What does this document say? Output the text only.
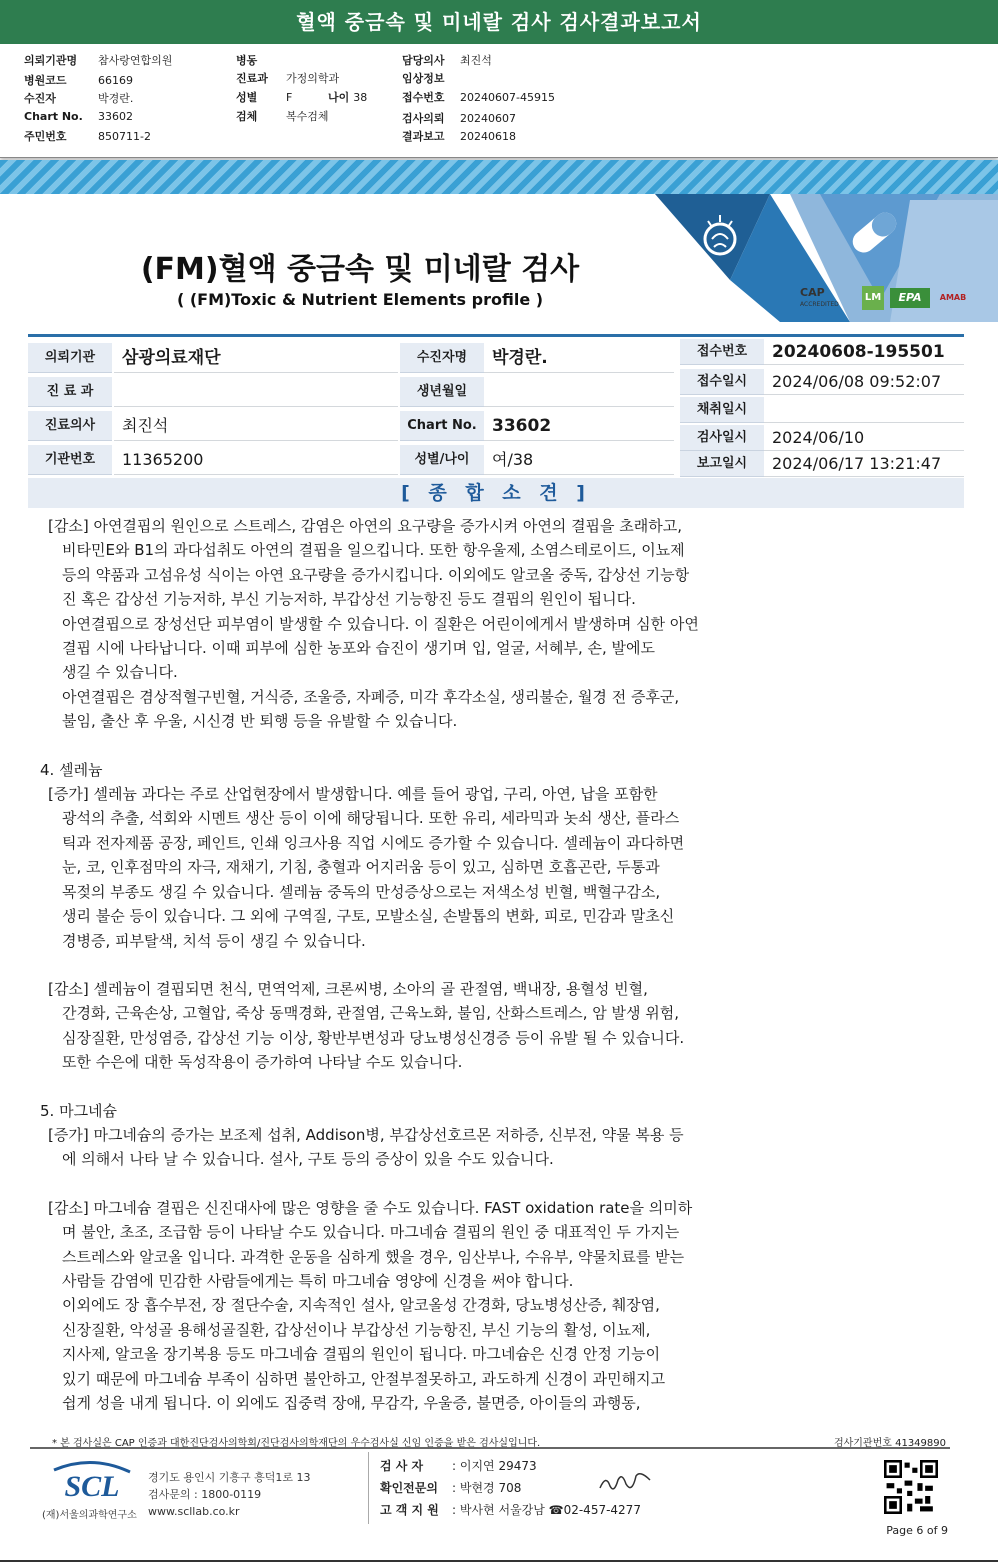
혈액 중금속 및 미네랄 검사 검사결과보고서
의뢰기관명 참사랑연합의원
병원코드	66169
수진자	박경란.
Chart No. 33602
주민번호	850711-2
병동
진료과 가정의학과
성별	F	나이 38
검체	복수검체
담당의사 최진석
임상정보
접수번호 20240607-45915
검사의뢰 20240607
결과보고 20240618
(FM)혈액 중금속 및 미네랄 검사
( (FM)Toxic & Nutrient Elements profile )	CAP
ACCREDITED
LM	EPA	AMAB
의뢰기관	삼광의료재단
진 료 과
진료의사	최진석
기관번호	11365200
수진자명	박경란.
생년월일
Chart No. 33602
성별/나이	여/38
접수번호	20240608-195501
접수일시	2024/06/08 09:52:07
채취일시
검사일시	2024/06/10
보고일시	2024/06/17 13:21:47
[ 종 합 소 견 ]

[감소] 아연결핍의 원인으로 스트레스, 감염은 아연의 요구량을 증가시켜 아연의 결핍을 초래하고,

비타민E와 B1의 과다섭취도 아연의 결핍을 일으킵니다. 또한 항우울제, 소염스테로이드, 이뇨제

등의 약품과 고섬유성 식이는 아연 요구량을 증가시킵니다. 이외에도 알코올 중독, 갑상선 기능항

진 혹은 갑상선 기능저하, 부신 기능저하, 부갑상선 기능항진 등도 결핍의 원인이 됩니다.

아연결핍으로 장성선단 피부염이 발생할 수 있습니다. 이 질환은 어린이에게서 발생하며 심한 아연

결핍 시에 나타납니다. 이때 피부에 심한 농포와 습진이 생기며 입, 얼굴, 서혜부, 손, 발에도

생길 수 있습니다.

아연결핍은 겸상적혈구빈혈, 거식증, 조울증, 자폐증, 미각 후각소실, 생리불순, 월경 전 증후군,

불임, 출산 후 우울, 시신경 반 퇴행 등을 유발할 수 있습니다.

4. 셀레늄

[증가] 셀레늄 과다는 주로 산업현장에서 발생합니다. 예를 들어 광업, 구리, 아연, 납을 포함한

광석의 추출, 석회와 시멘트 생산 등이 이에 해당됩니다. 또한 유리, 세라믹과 놋쇠 생산, 플라스

틱과 전자제품 공장, 페인트, 인쇄 잉크사용 직업 시에도 증가할 수 있습니다. 셀레늄이 과다하면

눈, 코, 인후점막의 자극, 재채기, 기침, 충혈과 어지러움 등이 있고, 심하면 호흡곤란, 두통과

목젖의 부종도 생길 수 있습니다. 셀레늄 중독의 만성증상으로는 저색소성 빈혈, 백혈구감소,

생리 불순 등이 있습니다. 그 외에 구역질, 구토, 모발소실, 손발톱의 변화, 피로, 민감과 말초신

경병증, 피부탈색, 치석 등이 생길 수 있습니다.

[감소] 셀레늄이 결핍되면 천식, 면역억제, 크론씨병, 소아의 골 관절염, 백내장, 용혈성 빈혈,

간경화, 근육손상, 고혈압, 죽상 동맥경화, 관절염, 근육노화, 불임, 산화스트레스, 암 발생 위험,

심장질환, 만성염증, 갑상선 기능 이상, 황반부변성과 당뇨병성신경증 등이 유발 될 수 있습니다.

또한 수은에 대한 독성작용이 증가하여 나타날 수도 있습니다.

5. 마그네슘

[증가] 마그네슘의 증가는 보조제 섭취, Addison병, 부갑상선호르몬 저하증, 신부전, 약물 복용 등

에 의해서 나타 날 수 있습니다. 설사, 구토 등의 증상이 있을 수도 있습니다.

[감소] 마그네슘 결핍은 신진대사에 많은 영향을 줄 수도 있습니다. FAST oxidation rate을 의미하

며 불안, 초조, 조급함 등이 나타날 수도 있습니다. 마그네슘 결핍의 원인 중 대표적인 두 가지는

스트레스와 알코올 입니다. 과격한 운동을 심하게 했을 경우, 임산부나, 수유부, 약물치료를 받는

사람들 감염에 민감한 사람들에게는 특히 마그네슘 영양에 신경을 써야 합니다.

이외에도 장 흡수부전, 장 절단수술, 지속적인 설사, 알코올성 간경화, 당뇨병성산증, 췌장염,

신장질환, 악성골 용해성골질환, 갑상선이나 부갑상선 기능항진, 부신 기능의 활성, 이뇨제,

지사제, 알코올 장기복용 등도 마그네슘 결핍의 원인이 됩니다. 마그네슘은 신경 안정 기능이

있기 때문에 마그네슘 부족이 심하면 불안하고, 안절부절못하고, 과도하게 신경이 과민해지고

쉽게 성을 내게 됩니다. 이 외에도 집중력 장애, 무감각, 우울증, 불면증, 아이들의 과행동,

* 본 검사실은 CAP 인증과 대한진단검사의학회/진단검사의학재단의 우수검사실 신임 인증을 받은 검사실입니다.	검사기관번호 41349890
SCL
(재)서울의과학연구소
경기도 용인시 기흥구 흥덕1로 13
검사문의 : 1800-0119
www.scllab.co.kr
검 사 자 : 이지연 29473
확인전문의 : 박현경 708
고 객 지 원 : 박사현 서울강남 ☎02-457-4277
Page 6 of 9
